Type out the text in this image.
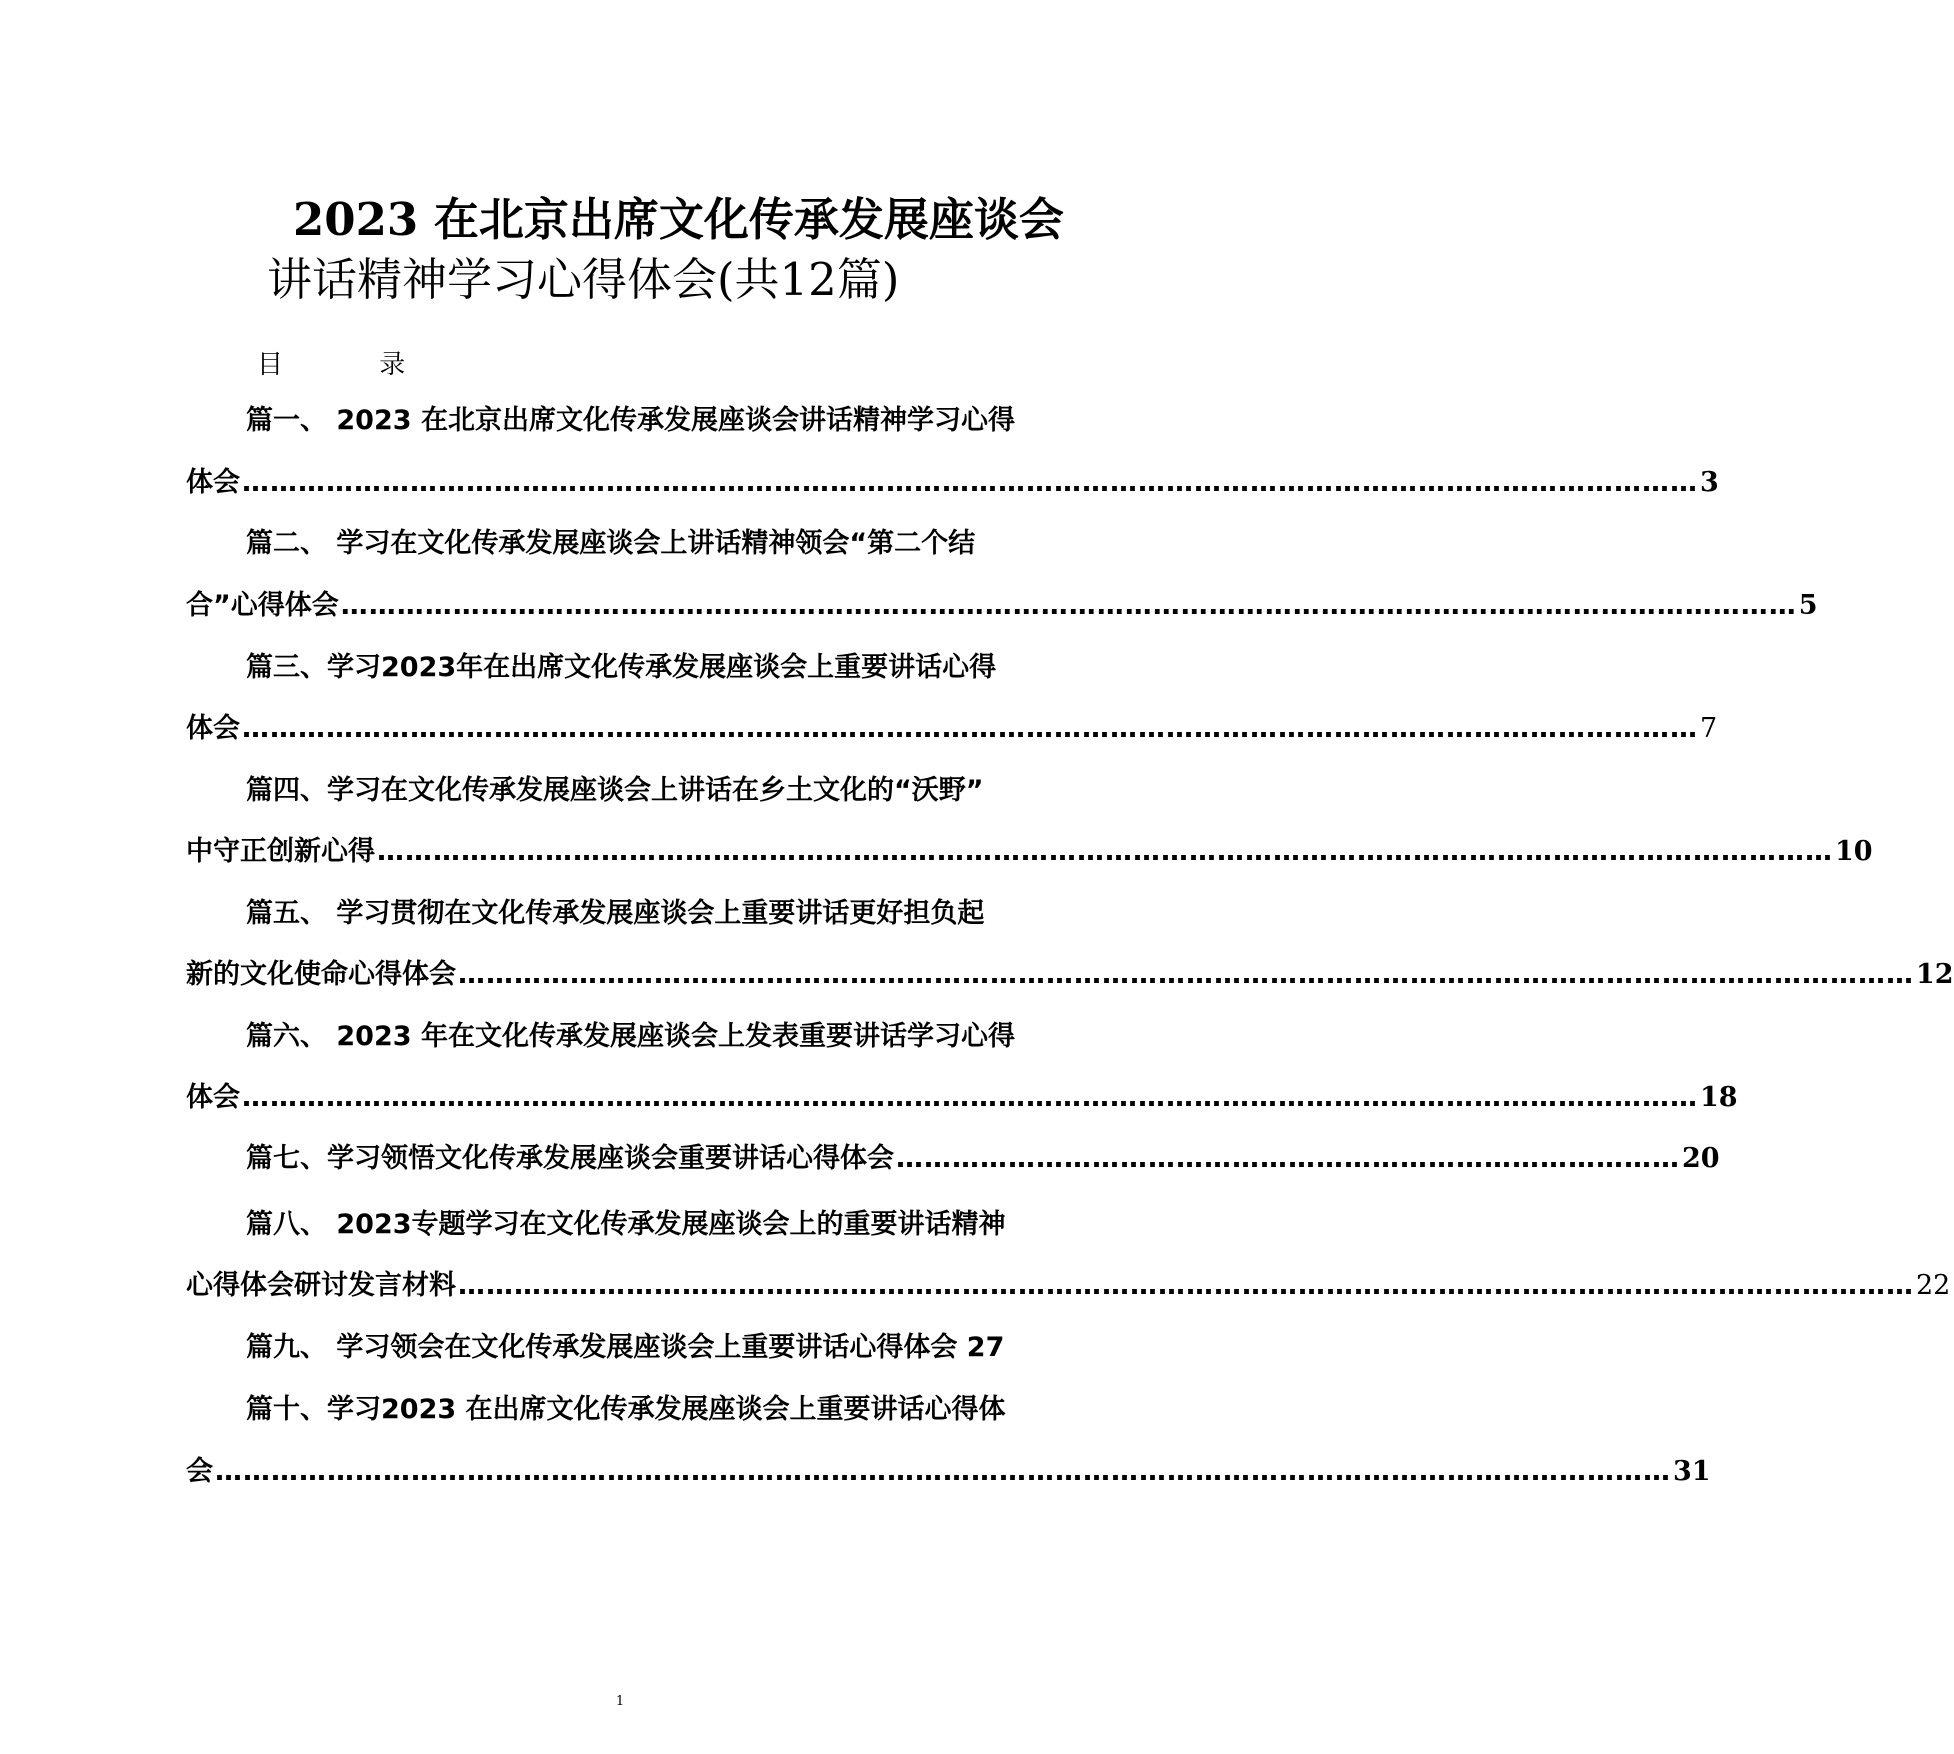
2023 在北京出席文化传承发展座谈会
讲话精神学习心得体会(共12篇)
目 录
篇一、 2023 在北京出席文化传承发展座谈会讲话精神学习心得
体会 ………………………………………………………………………………………………………………………………………… 3
篇二、 学习在文化传承发展座谈会上讲话精神领会“第二个结
合”心得体会 ………………………………………………………………………………………………………………………………………… 5
篇三、学习2023年在出席文化传承发展座谈会上重要讲话心得
体会 ………………………………………………………………………………………………………………………………………… 7
篇四、学习在文化传承发展座谈会上讲话在乡土文化的“沃野”
中守正创新心得 ………………………………………………………………………………………………………………………………………… 10
篇五、 学习贯彻在文化传承发展座谈会上重要讲话更好担负起
新的文化使命心得体会 ………………………………………………………………………………………………………………………………………… 12
篇六、 2023 年在文化传承发展座谈会上发表重要讲话学习心得
体会 ………………………………………………………………………………………………………………………………………… 18
篇七、学习领悟文化传承发展座谈会重要讲话心得体会 ………………………………………………………………………… 20
篇八、 2023专题学习在文化传承发展座谈会上的重要讲话精神
心得体会研讨发言材料 ………………………………………………………………………………………………………………………………………… 22
篇九、 学习领会在文化传承发展座谈会上重要讲话心得体会 27
篇十、学习2023 在出席文化传承发展座谈会上重要讲话心得体
会 ………………………………………………………………………………………………………………………………………… 31
1
